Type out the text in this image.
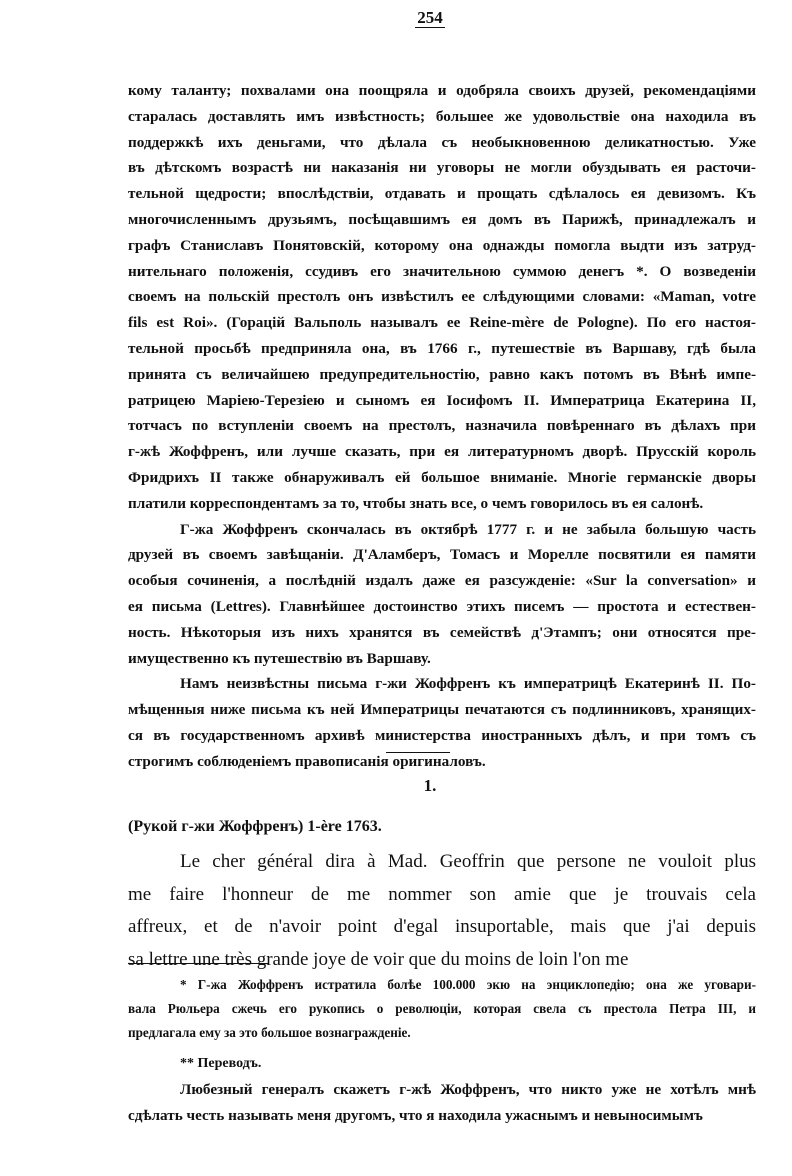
254
кому таланту; похвалами она поощряла и одобряла своихъ друзей, рекомендаціями
старалась доставлять имъ извѣстность; большее же удовольствіе она находила въ
поддержкѣ ихъ деньгами, что дѣлала съ необыкновенною деликатностью. Уже
въ дѣтскомъ возрастѣ ни наказанія ни уговоры не могли обуздывать ея расточи-
тельной щедрости; впослѣдствіи, отдавать и прощать сдѣлалось ея девизомъ. Къ
многочисленнымъ друзьямъ, посѣщавшимъ ея домъ въ Парижѣ, принадлежалъ и
графъ Станиславъ Понятовскій, которому она однажды помогла выдти изъ затруд-
нительнаго положенія, ссудивъ его значительною суммою денегъ *. О возведеніи
своемъ на польскій престолъ онъ извѣстилъ ее слѣдующими словами: «Maman, votre
fils est Roi». (Горацій Вальполь называлъ ее Reine-mère de Pologne). По его настоя-
тельной просьбѣ предприняла она, въ 1766 г., путешествіе въ Варшаву, гдѣ была
принята съ величайшею предупредительностію, равно какъ потомъ въ Вѣнѣ импе-
ратрицею Маріею-Терезіею и сыномъ ея Іосифомъ II. Императрица Екатерина II,
тотчасъ по вступленіи своемъ на престолъ, назначила повѣреннаго въ дѣлахъ при
г-жѣ Жоффренъ, или лучше сказать, при ея литературномъ дворѣ. Прусскій король
Фридрихъ II также обнаруживалъ ей большое вниманіе. Многіе германскіе дворы
платили корреспондентамъ за то, чтобы знать все, о чемъ говорилось въ ея салонѣ.
Г-жа Жоффренъ скончалась въ октябрѣ 1777 г. и не забыла большую часть
друзей въ своемъ завѣщаніи. Д'Аламберъ, Томасъ и Морелле посвятили ея памяти
особыя сочиненія, а послѣдній издалъ даже ея разсужденіе: «Sur la conversation» и
ея письма (Lettres). Главнѣйшее достоинство этихъ писемъ — простота и естествен-
ность. Нѣкоторыя изъ нихъ хранятся въ семействѣ д'Этампъ; они относятся пре-
имущественно къ путешествію въ Варшаву.
Намъ неизвѣстны письма г-жи Жоффренъ къ императрицѣ Екатеринѣ II. По-
мѣщенныя ниже письма къ ней Императрицы печатаются съ подлинниковъ, хранящих-
ся въ государственномъ архивѣ министерства иностранныхъ дѣлъ, и при томъ съ
строгимъ соблюденіемъ правописанія оригиналовъ.
1.
(Рукой г-жи Жоффренъ) 1-ère 1763.
Le cher général dira à Mad. Geoffrin que persone ne vouloit plus
me faire l'honneur de me nommer son amie que je trouvais cela
affreux, et de n'avoir point d'egal insuportable, mais que j'ai depuis
sa lettre une très grande joye de voir que du moins de loin l'on me
* Г-жа Жоффренъ истратила болѣе 100.000 экю на энциклопедію; она же уговари-
вала Рюльера сжечь его рукопись о революціи, которая свела съ престола Петра III, и
предлагала ему за это большое вознагражденіе.
** Переводъ.
Любезный генералъ скажетъ г-жѣ Жоффренъ, что никто уже не хотѣлъ мнѣ
сдѣлать честь называть меня другомъ, что я находила ужаснымъ и невыносимымъ
